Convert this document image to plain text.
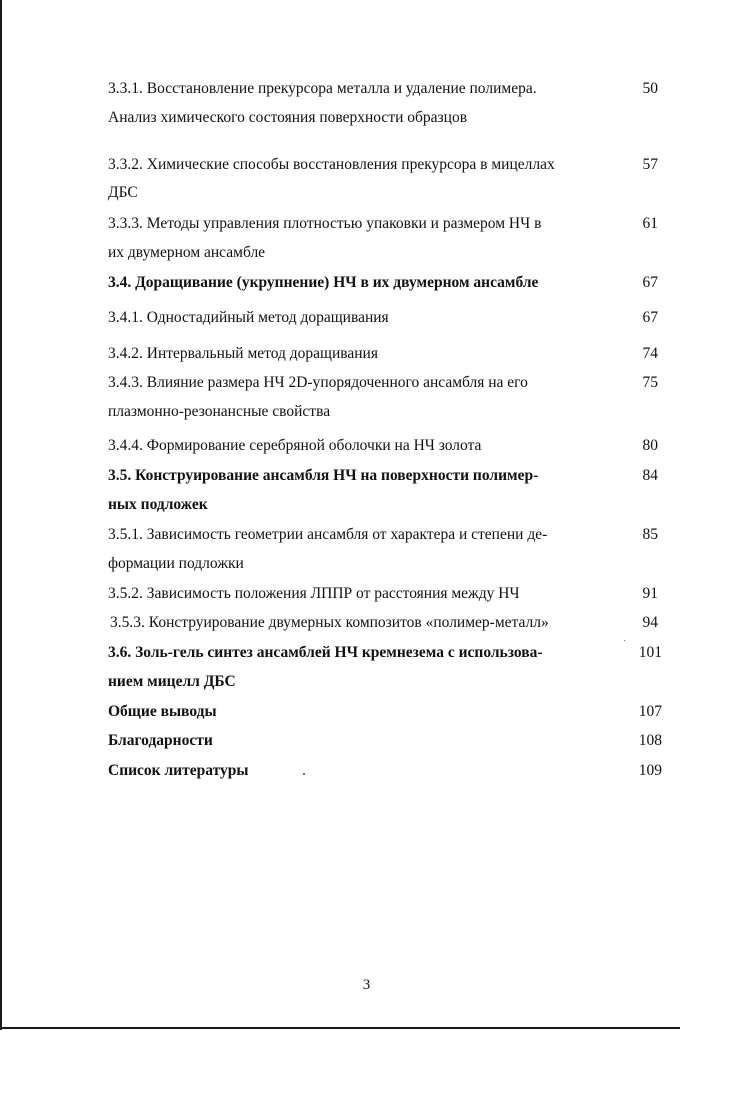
3.3.1. Восстановление прекурсора металла и удаление полимера.
Анализ химического состояния поверхности образцов
50
3.3.2. Химические способы восстановления прекурсора в мицеллах
ДБС
57
3.3.3. Методы управления плотностью упаковки и размером НЧ в
их двумерном ансамбле
61
3.4. Доращивание (укрупнение) НЧ в их двумерном ансамбле	67
3.4.1. Одностадийный метод доращивания	67
3.4.2. Интервальный метод доращивания	74
3.4.3. Влияние размера НЧ 2D-упорядоченного ансамбля на его
плазмонно-резонансные свойства
75
3.4.4. Формирование серебряной оболочки на НЧ золота	80
3.5. Конструирование ансамбля НЧ на поверхности полимер-
ных подложек
84
3.5.1. Зависимость геометрии ансамбля от характера и степени де-
формации подложки
85
3.5.2. Зависимость положения ЛППР от расстояния между НЧ	91
3.5.3. Конструирование двумерных композитов «полимер-металл»	94
3.6. Золь-гель синтез ансамблей НЧ кремнезема с использова-
нием мицелл ДБС
101
Общие выводы	107
Благодарности	108
Список литературы	109
3
